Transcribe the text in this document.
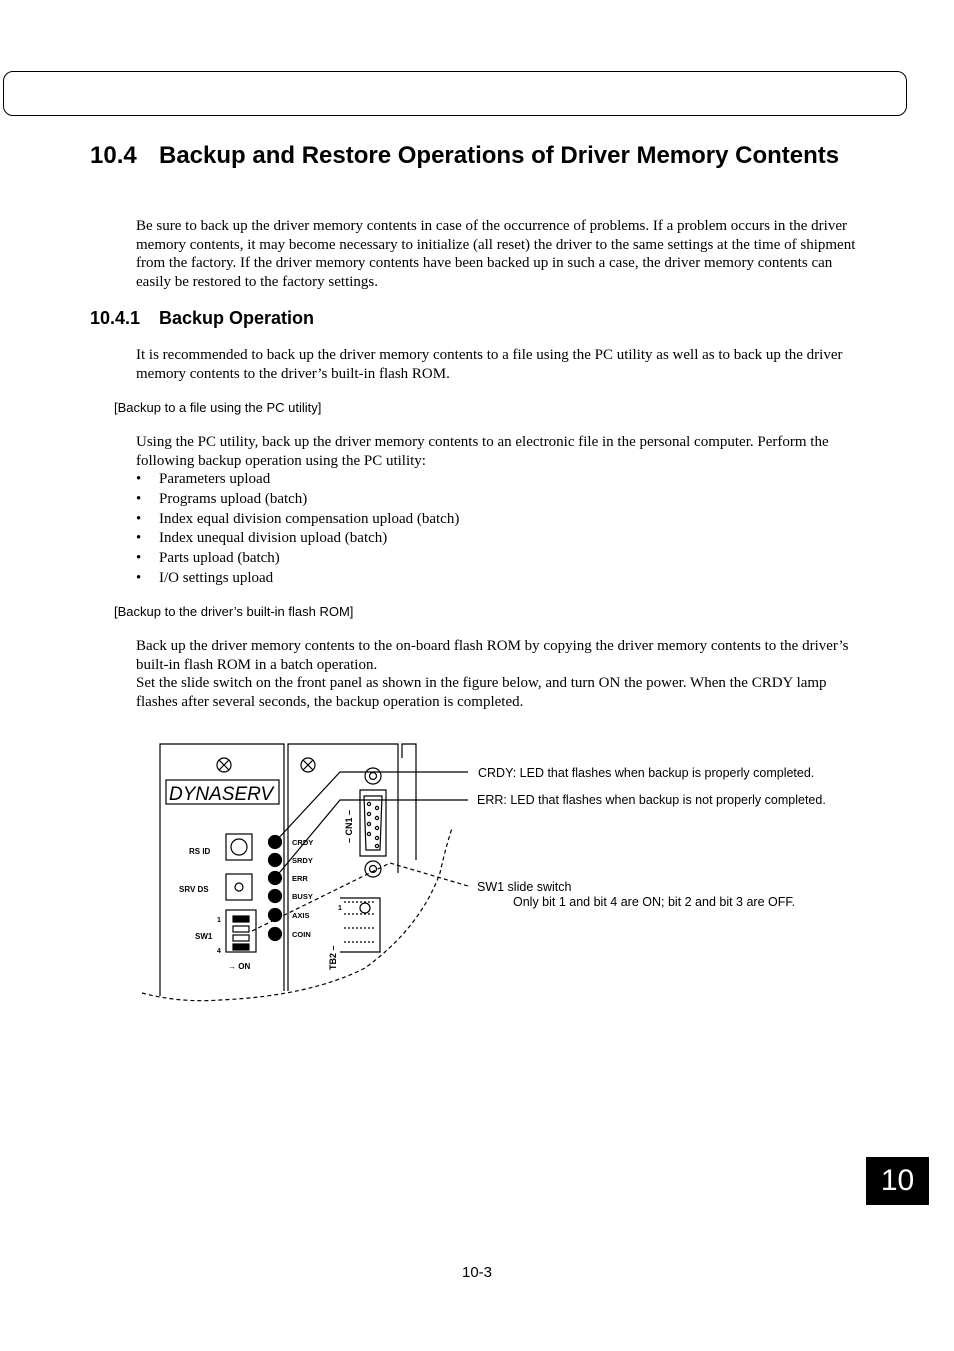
10.4 Backup and Restore Operations of Driver Memory Contents
Be sure to back up the driver memory contents in case of the occurrence of problems. If a problem occurs in the driver memory contents, it may become necessary to initialize (all reset) the driver to the same settings at the time of shipment from the factory. If the driver memory contents have been backed up in such a case, the driver memory contents can easily be restored to the factory settings.
10.4.1 Backup Operation
It is recommended to back up the driver memory contents to a file using the PC utility as well as to back up the driver memory contents to the driver’s built-in flash ROM.
[Backup to a file using the PC utility]
Using the PC utility, back up the driver memory contents to an electronic file in the personal computer. Perform the following backup operation using the PC utility:
• Parameters upload
• Programs upload (batch)
• Index equal division compensation upload (batch)
• Index unequal division upload (batch)
• Parts upload (batch)
• I/O settings upload
[Backup to the driver’s built-in flash ROM]
Back up the driver memory contents to the on-board flash ROM by copying the driver memory contents to the driver’s built-in flash ROM in a batch operation.
Set the slide switch on the front panel as shown in the figure below, and turn ON the power. When the CRDY lamp flashes after several seconds, the backup operation is completed.
DYNASERV
RS ID
SRV DS
1
SW1
4
→ ON
CRDY
SRDY
ERR
BUSY
AXIS
COIN
– CN1 –
1
TB2 –
CRDY: LED that flashes when backup is properly completed.
ERR: LED that flashes when backup is not properly completed.
SW1 slide switch
Only bit 1 and bit 4 are ON; bit 2 and bit 3 are OFF.
10
10-3
